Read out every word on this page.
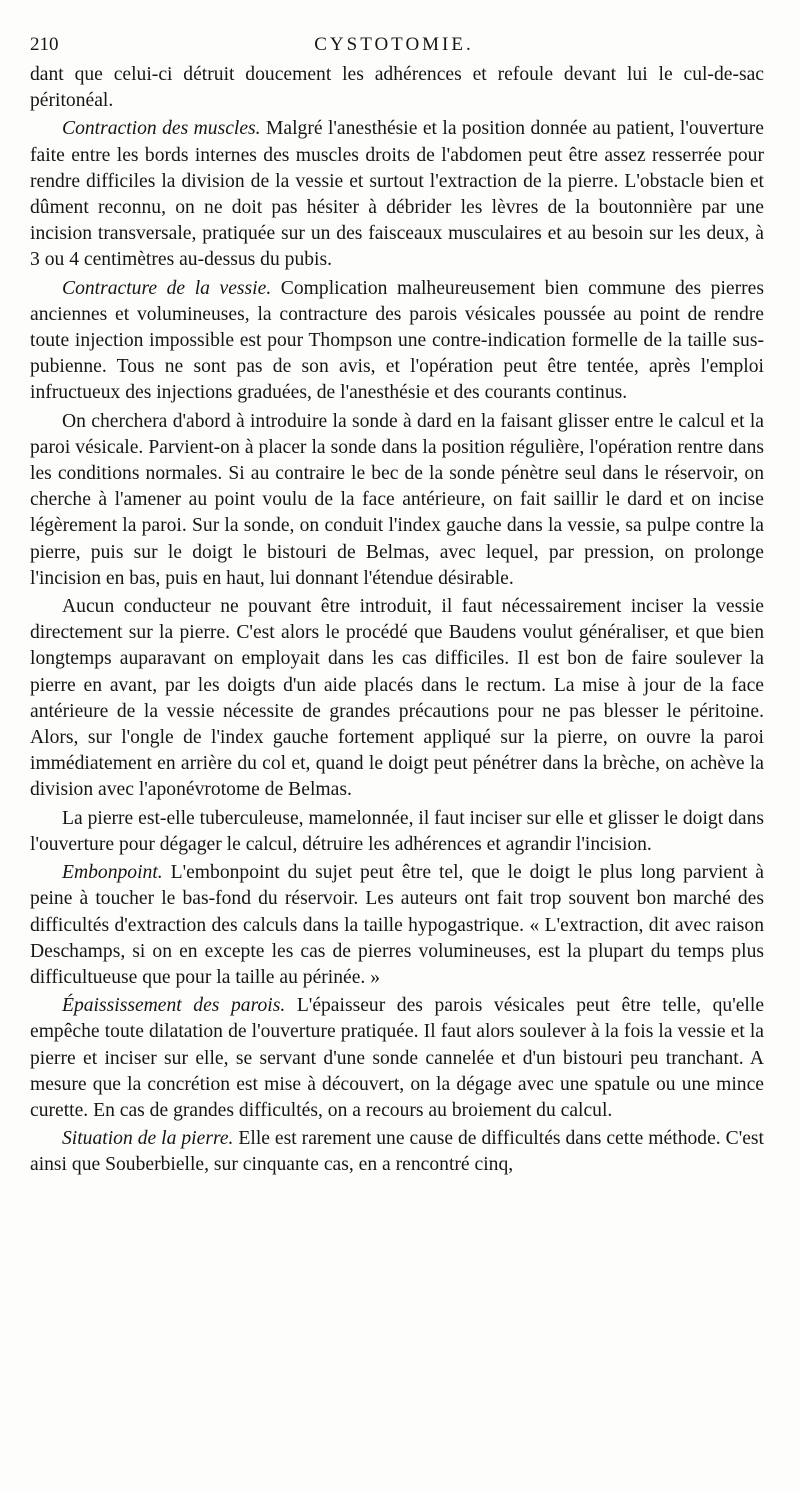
210	CYSTOTOMIE.

dant que celui-ci détruit doucement les adhérences et refoule devant lui le cul-de-sac péritonéal.

Contraction des muscles. Malgré l'anesthésie et la position donnée au patient, l'ouverture faite entre les bords internes des muscles droits de l'abdomen peut être assez resserrée pour rendre difficiles la division de la vessie et surtout l'extraction de la pierre. L'obstacle bien et dûment reconnu, on ne doit pas hésiter à débrider les lèvres de la boutonnière par une incision transversale, pratiquée sur un des faisceaux musculaires et au besoin sur les deux, à 3 ou 4 centimètres au-dessus du pubis.

Contracture de la vessie. Complication malheureusement bien commune des pierres anciennes et volumineuses, la contracture des parois vésicales poussée au point de rendre toute injection impossible est pour Thompson une contre-indication formelle de la taille sus-pubienne. Tous ne sont pas de son avis, et l'opération peut être tentée, après l'emploi infructueux des injections graduées, de l'anesthésie et des courants continus.

On cherchera d'abord à introduire la sonde à dard en la faisant glisser entre le calcul et la paroi vésicale. Parvient-on à placer la sonde dans la position régulière, l'opération rentre dans les conditions normales. Si au contraire le bec de la sonde pénètre seul dans le réservoir, on cherche à l'amener au point voulu de la face antérieure, on fait saillir le dard et on incise légèrement la paroi. Sur la sonde, on conduit l'index gauche dans la vessie, sa pulpe contre la pierre, puis sur le doigt le bistouri de Belmas, avec lequel, par pression, on prolonge l'incision en bas, puis en haut, lui donnant l'étendue désirable.

Aucun conducteur ne pouvant être introduit, il faut nécessairement inciser la vessie directement sur la pierre. C'est alors le procédé que Baudens voulut généraliser, et que bien longtemps auparavant on employait dans les cas difficiles. Il est bon de faire soulever la pierre en avant, par les doigts d'un aide placés dans le rectum. La mise à jour de la face antérieure de la vessie nécessite de grandes précautions pour ne pas blesser le péritoine. Alors, sur l'ongle de l'index gauche fortement appliqué sur la pierre, on ouvre la paroi immédiatement en arrière du col et, quand le doigt peut pénétrer dans la brèche, on achève la division avec l'aponévrotome de Belmas.

La pierre est-elle tuberculeuse, mamelonnée, il faut inciser sur elle et glisser le doigt dans l'ouverture pour dégager le calcul, détruire les adhérences et agrandir l'incision.

Embonpoint. L'embonpoint du sujet peut être tel, que le doigt le plus long parvient à peine à toucher le bas-fond du réservoir. Les auteurs ont fait trop souvent bon marché des difficultés d'extraction des calculs dans la taille hypogastrique. « L'extraction, dit avec raison Deschamps, si on en excepte les cas de pierres volumineuses, est la plupart du temps plus difficultueuse que pour la taille au périnée. »

Épaississement des parois. L'épaisseur des parois vésicales peut être telle, qu'elle empêche toute dilatation de l'ouverture pratiquée. Il faut alors soulever à la fois la vessie et la pierre et inciser sur elle, se servant d'une sonde cannelée et d'un bistouri peu tranchant. A mesure que la concrétion est mise à découvert, on la dégage avec une spatule ou une mince curette. En cas de grandes difficultés, on a recours au broiement du calcul.

Situation de la pierre. Elle est rarement une cause de difficultés dans cette méthode. C'est ainsi que Souberbielle, sur cinquante cas, en a rencontré cinq,
